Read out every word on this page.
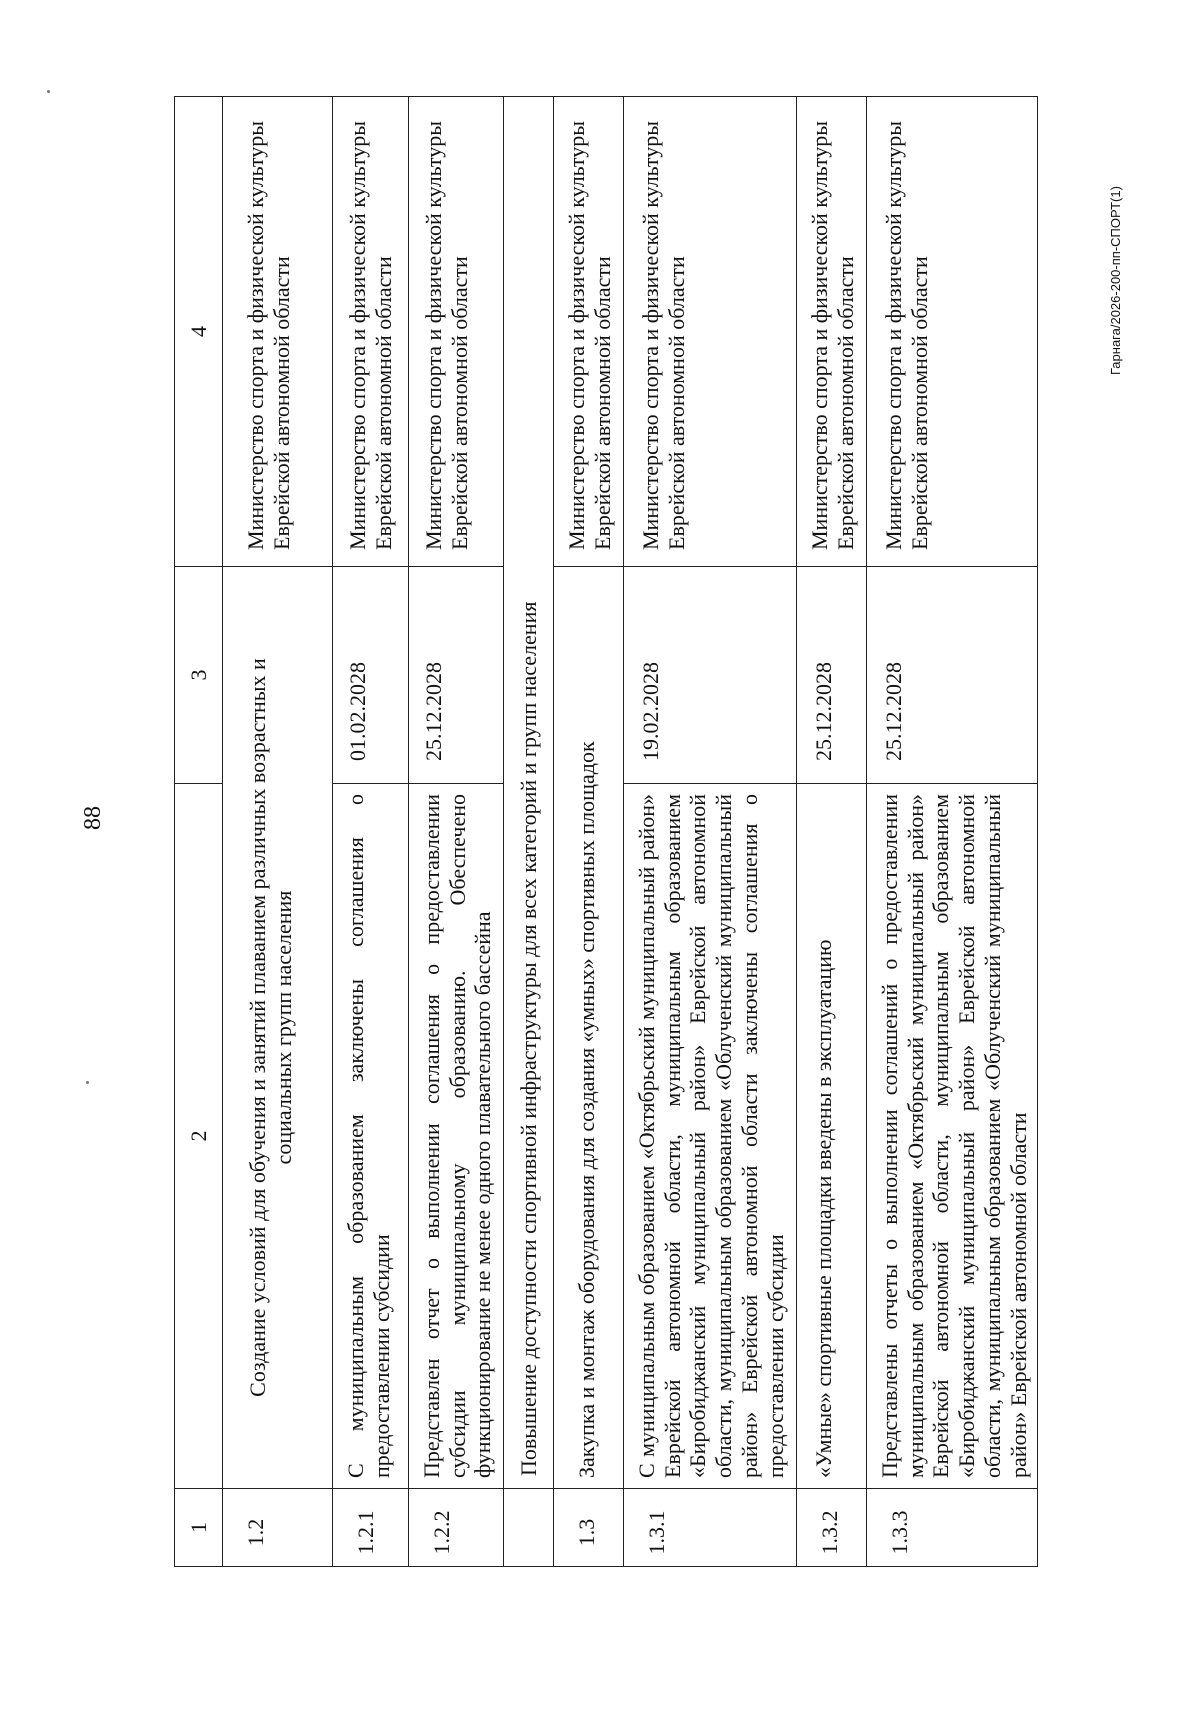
88
Гарнага/2026-200-пп-СПОРТ(1)
1	2	3	4
1.2	Создание условий для обучения и занятий плаванием различных возрастных и социальных групп населения		Министерство спорта и физической культуры Еврейской автономной области
1.2.1	С муниципальным образованием заключены соглашения о предоставлении субсидии	01.02.2028	Министерство спорта и физической культуры Еврейской автономной области
1.2.2	Представлен отчет о выполнении соглашения о предоставлении субсидии муниципальному образованию. Обеспечено функционирование не менее одного плавательного бассейна	25.12.2028	Министерство спорта и физической культуры Еврейской автономной области
	Повышение доступности спортивной инфраструктуры для всех категорий и групп населения		
1.3	Закупка и монтаж оборудования для создания «умных» спортивных площадок		Министерство спорта и физической культуры Еврейской автономной области
1.3.1	С муниципальным образованием «Октябрьский муниципальный район» Еврейской автономной области, муниципальным образованием «Биробиджанский муниципальный район» Еврейской автономной области, муниципальным образованием «Облученский муниципальный район» Еврейской автономной области заключены соглашения о предоставлении субсидии	19.02.2028	Министерство спорта и физической культуры Еврейской автономной области
1.3.2	«Умные» спортивные площадки введены в эксплуатацию	25.12.2028	Министерство спорта и физической культуры Еврейской автономной области
1.3.3	Представлены отчеты о выполнении соглашений о предоставлении муниципальным образованием «Октябрьский муниципальный район» Еврейской автономной области, муниципальным образованием «Биробиджанский муниципальный район» Еврейской автономной области, муниципальным образованием «Облученский муниципальный район» Еврейской автономной области	25.12.2028	Министерство спорта и физической культуры Еврейской автономной области
